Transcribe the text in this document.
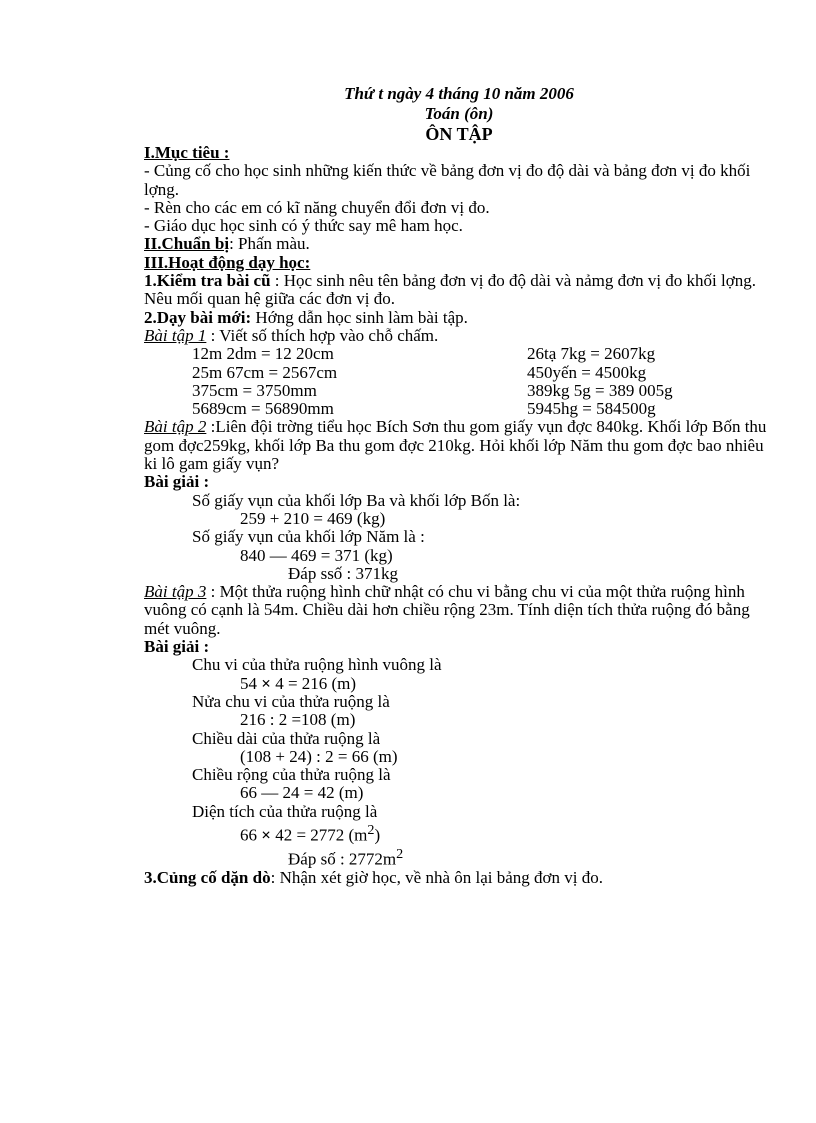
Thứ t ngày 4 tháng 10 năm 2006
Toán (ôn)
ÔN TẬP
I.Mục tiêu :
- Củng cố cho học sinh những kiến thức về bảng đơn vị đo độ dài và bảng đơn vị đo khối lợng.
- Rèn cho các em có kĩ năng chuyển đổi đơn vị đo.
- Giáo dục học sinh có ý thức say mê ham học.
II.Chuẩn bị: Phấn màu.
III.Hoạt động dạy học:
1.Kiểm tra bài cũ : Học sinh nêu tên bảng đơn vị đo độ dài và nảmg đơn vị đo khối lợng. Nêu mối quan hệ giữa các đơn vị đo.
2.Dạy bài mới: Hớng dẫn học sinh làm bài tập.
Bài tập 1 : Viết số thích hợp vào chỗ chấm.
12m 2dm = 12 20cm	26tạ 7kg = 2607kg
25m 67cm = 2567cm	450yến = 4500kg
375cm = 3750mm	389kg 5g = 389 005g
5689cm = 56890mm	5945hg = 584500g
Bài tập 2 :Liên đội trờng tiểu học Bích Sơn thu gom giấy vụn đợc 840kg. Khối lớp Bốn thu gom đợc259kg, khối lớp Ba thu gom đợc 210kg. Hỏi khối lớp Năm thu gom đợc bao nhiêu ki lô gam giấy vụn?
Bài giải :
Số giấy vụn của khối lớp Ba và khối lớp Bốn là:
259 + 210 = 469 (kg)
Số giấy vụn của khối lớp Năm là :
840 — 469 = 371 (kg)
Đáp ssố : 371kg
Bài tập 3 : Một thửa ruộng hình chữ nhật có chu vi bằng chu vi của một thửa ruộng hình vuông có cạnh là 54m. Chiều dài hơn chiều rộng 23m. Tính diện tích thửa ruộng đó bằng mét vuông.
Bài giải :
Chu vi của thửa ruộng hình vuông là
54 × 4 = 216 (m)
Nửa chu vi của thửa ruộng là
216 : 2 =108 (m)
Chiều dài của thửa ruộng là
(108 + 24) : 2 = 66 (m)
Chiều rộng của thửa ruộng là
66 — 24 = 42 (m)
Diện tích của thửa ruộng là
66 × 42 = 2772 $(m^2)$
Đáp số : $2772m^2$
3.Củng cố dặn dò: Nhận xét giờ học, về nhà ôn lại bảng đơn vị đo.
